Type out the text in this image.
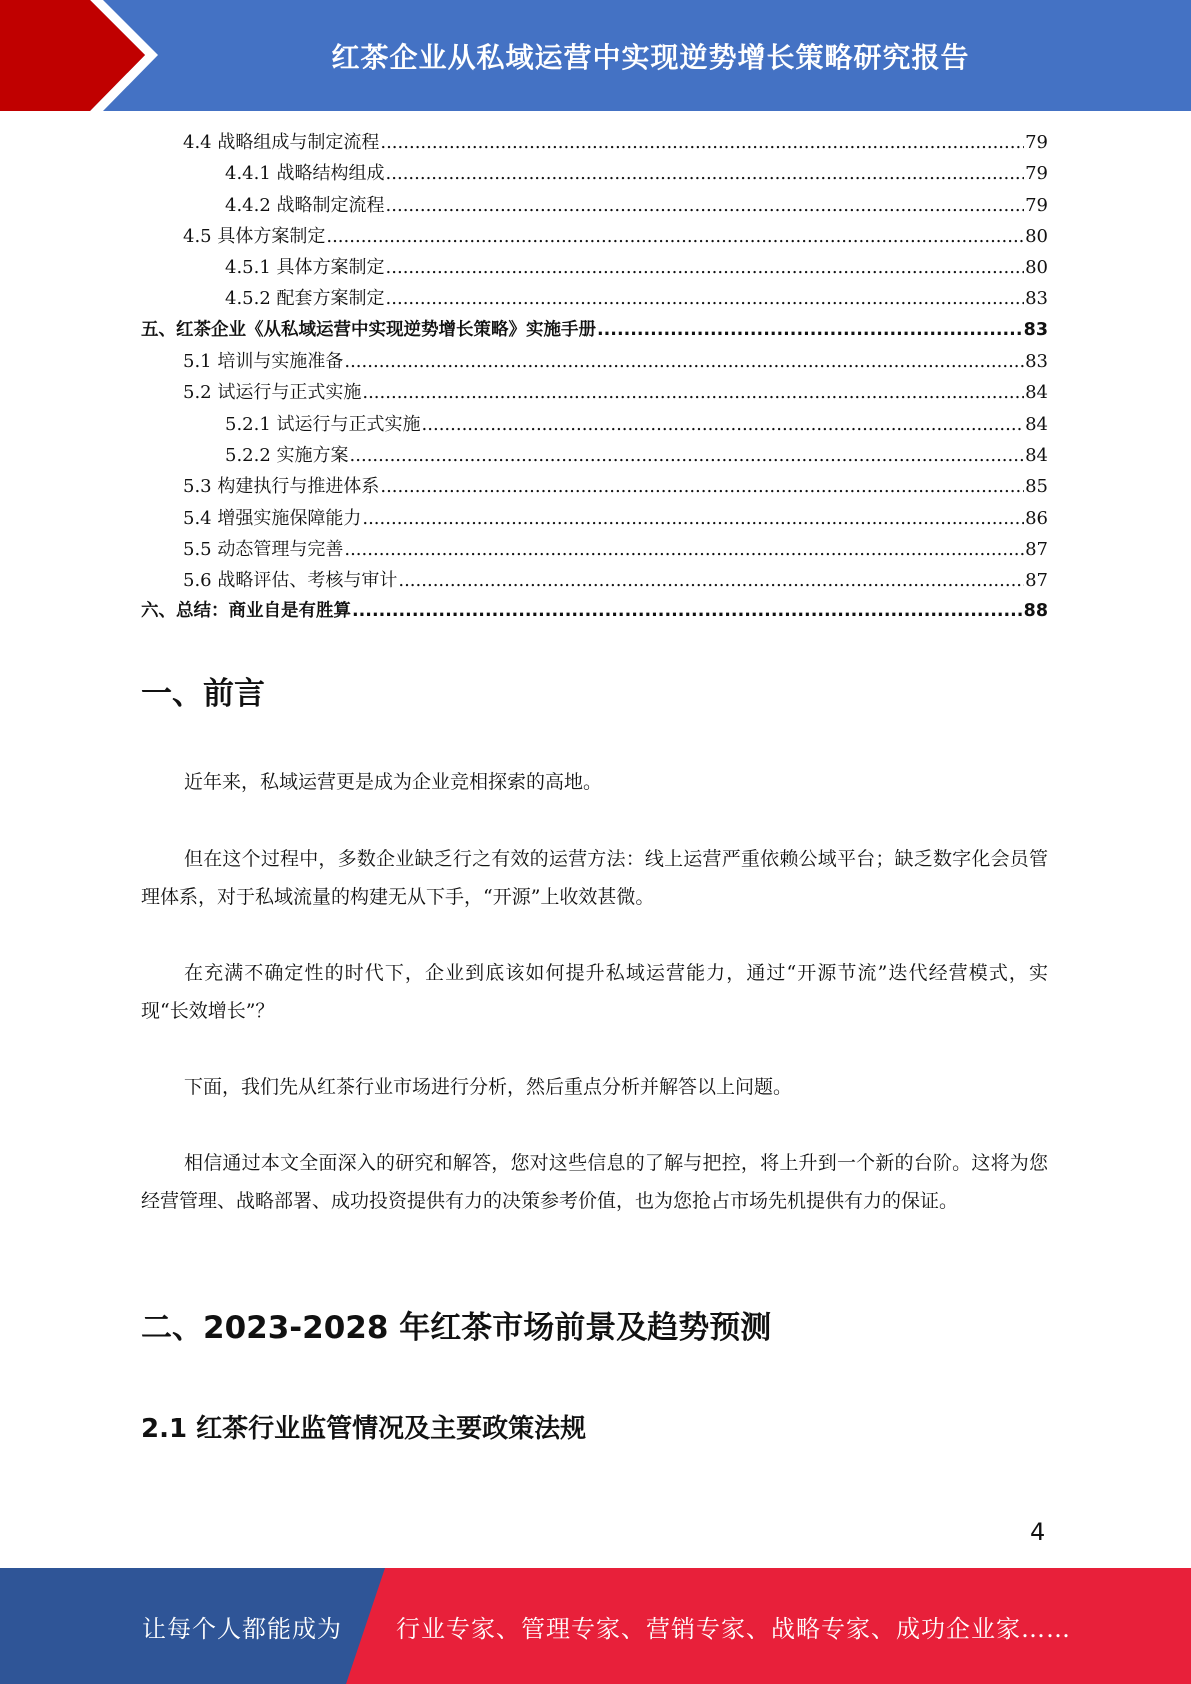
红茶企业从私域运营中实现逆势增长策略研究报告
4.4 战略组成与制定流程 .....	79
4.4.1 战略结构组成 .....	79
4.4.2 战略制定流程 .....	79
4.5 具体方案制定 .....	80
4.5.1 具体方案制定 .....	80
4.5.2 配套方案制定 .....	83
五、红茶企业《从私域运营中实现逆势增长策略》实施手册 .....	83
5.1 培训与实施准备 .....	83
5.2 试运行与正式实施 .....	84
5.2.1 试运行与正式实施 .....	84
5.2.2 实施方案 .....	84
5.3 构建执行与推进体系 .....	85
5.4 增强实施保障能力 .....	86
5.5 动态管理与完善 .....	87
5.6 战略评估、考核与审计 .....	87
六、总结：商业自是有胜算 .....	88
一、前言
近年来，私域运营更是成为企业竞相探索的高地。
但在这个过程中，多数企业缺乏行之有效的运营方法：线上运营严重依赖公域平台；缺乏数字化会员管理体系，对于私域流量的构建无从下手，“开源”上收效甚微。
在充满不确定性的时代下，企业到底该如何提升私域运营能力，通过“开源节流”迭代经营模式，实现“长效增长”？
下面，我们先从红茶行业市场进行分析，然后重点分析并解答以上问题。
相信通过本文全面深入的研究和解答，您对这些信息的了解与把控，将上升到一个新的台阶。这将为您经营管理、战略部署、成功投资提供有力的决策参考价值，也为您抢占市场先机提供有力的保证。
二、2023-2028 年红茶市场前景及趋势预测
2.1 红茶行业监管情况及主要政策法规
4
让每个人都能成为 行业专家、管理专家、营销专家、战略专家、成功企业家……
